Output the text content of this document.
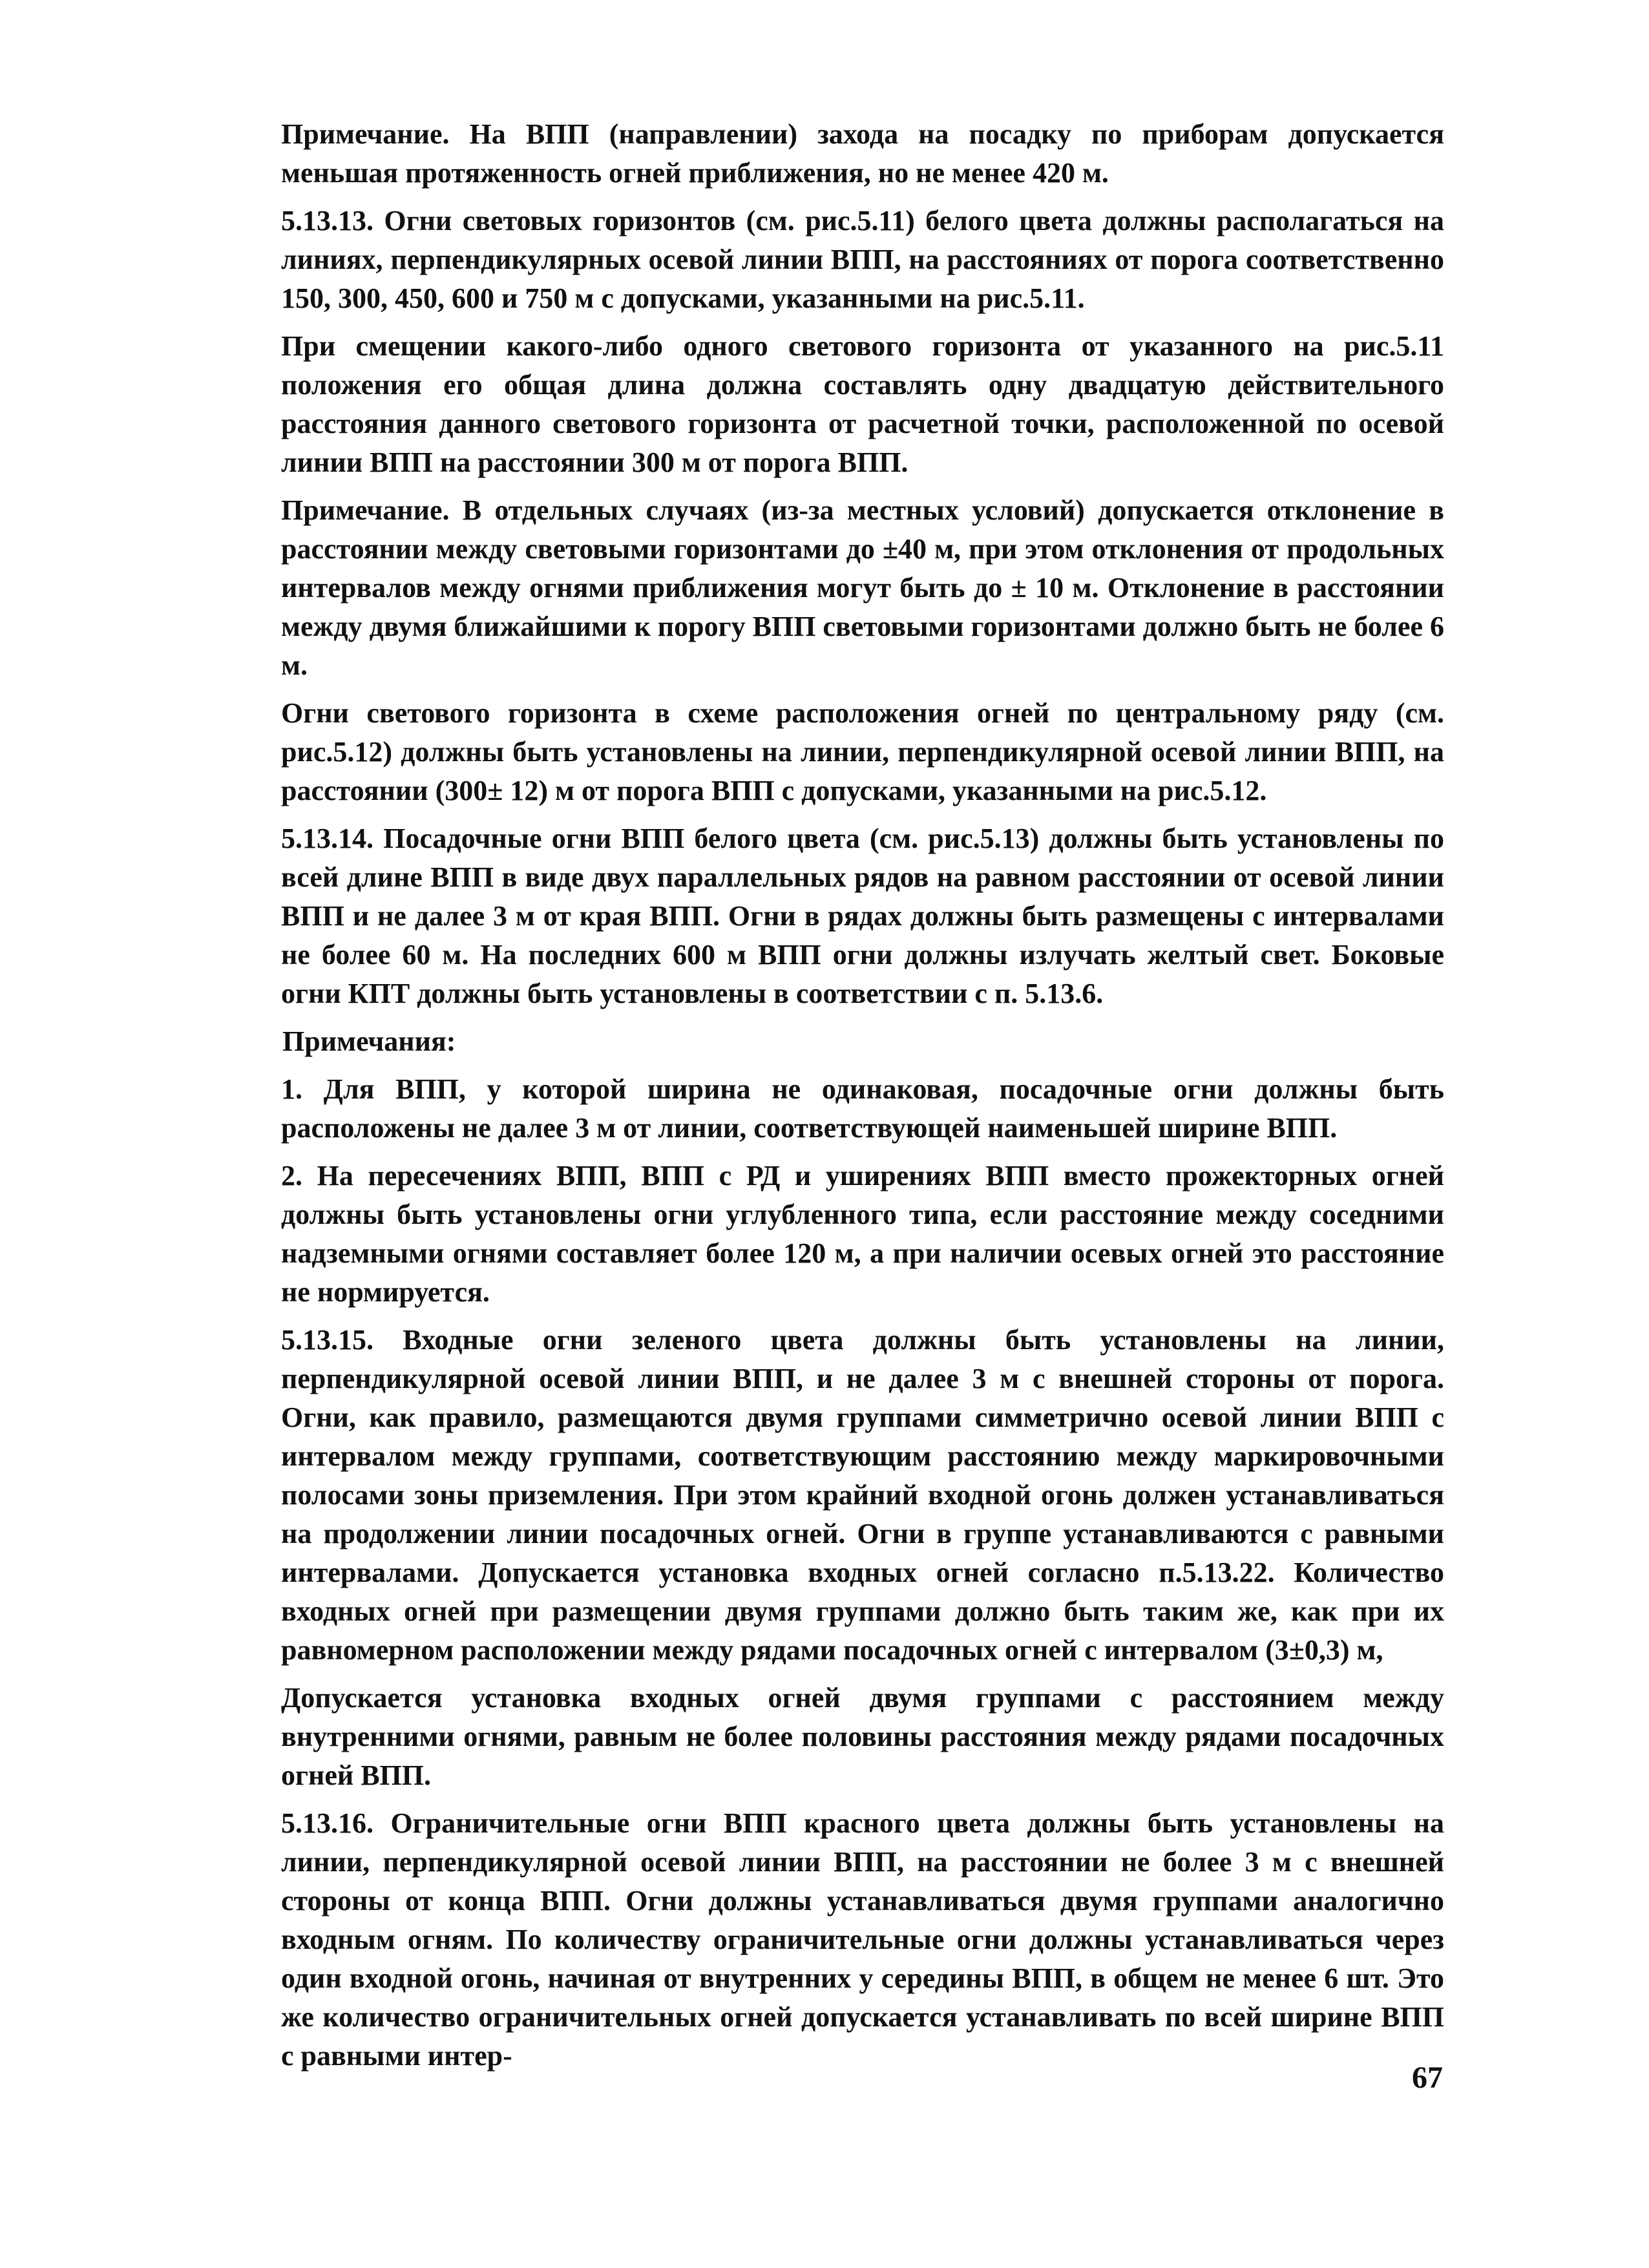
Примечание. На ВПП (направлении) захода на посадку по приборам допускается меньшая протяженность огней приближения, но не менее 420 м.

5.13.13. Огни световых горизонтов (см. рис.5.11) белого цвета должны располагаться на линиях, перпендикулярных осевой линии ВПП, на расстояниях от порога соответственно 150, 300, 450, 600 и 750 м с допусками, указанными на рис.5.11.

При смещении какого-либо одного светового горизонта от указанного на рис.5.11 положения его общая длина должна составлять одну двадцатую действительного расстояния данного светового горизонта от расчетной точки, расположенной по осевой линии ВПП на расстоянии 300 м от порога ВПП.

Примечание. В отдельных случаях (из-за местных условий) допускается отклонение в расстоянии между световыми горизонтами до ±40 м, при этом отклонения от продольных интервалов между огнями приближения могут быть до ± 10 м. Отклонение в расстоянии между двумя ближайшими к порогу ВПП световыми горизонтами должно быть не более 6 м.

Огни светового горизонта в схеме расположения огней по центральному ряду (см. рис.5.12) должны быть установлены на линии, перпендикулярной осевой линии ВПП, на расстоянии (300± 12) м от порога ВПП с допусками, указанными на рис.5.12.

5.13.14. Посадочные огни ВПП белого цвета (см. рис.5.13) должны быть установлены по всей длине ВПП в виде двух параллельных рядов на равном расстоянии от осевой линии ВПП и не далее 3 м от края ВПП. Огни в рядах должны быть размещены с интервалами не более 60 м. На последних 600 м ВПП огни должны излучать желтый свет. Боковые огни КПТ должны быть установлены в соответствии с п. 5.13.6.

Примечания:

1. Для ВПП, у которой ширина не одинаковая, посадочные огни должны быть расположены не далее 3 м от линии, соответствующей наименьшей ширине ВПП.

2. На пересечениях ВПП, ВПП с РД и уширениях ВПП вместо прожекторных огней должны быть установлены огни углубленного типа, если расстояние между соседними надземными огнями составляет более 120 м, а при наличии осевых огней это расстояние не нормируется.

5.13.15. Входные огни зеленого цвета должны быть установлены на линии, перпендикулярной осевой линии ВПП, и не далее 3 м с внешней стороны от порога. Огни, как правило, размещаются двумя группами симметрично осевой линии ВПП с интервалом между группами, соответствующим расстоянию между маркировочными полосами зоны приземления. При этом крайний входной огонь должен устанавливаться на продолжении линии посадочных огней. Огни в группе устанавливаются с равными интервалами. Допускается установка входных огней согласно п.5.13.22. Количество входных огней при размещении двумя группами должно быть таким же, как при их равномерном расположении между рядами посадочных огней с интервалом (3±0,3) м,

Допускается установка входных огней двумя группами с расстоянием между внутренними огнями, равным не более половины расстояния между рядами посадочных огней ВПП.

5.13.16. Ограничительные огни ВПП красного цвета должны быть установлены на линии, перпендикулярной осевой линии ВПП, на расстоянии не более 3 м с внешней стороны от конца ВПП. Огни должны устанавливаться двумя группами аналогично входным огням. По количеству ограничительные огни должны устанавливаться через один входной огонь, начиная от внутренних у середины ВПП, в общем не менее 6 шт. Это же количество ограничительных огней допускается устанавливать по всей ширине ВПП с равными интер-

67
